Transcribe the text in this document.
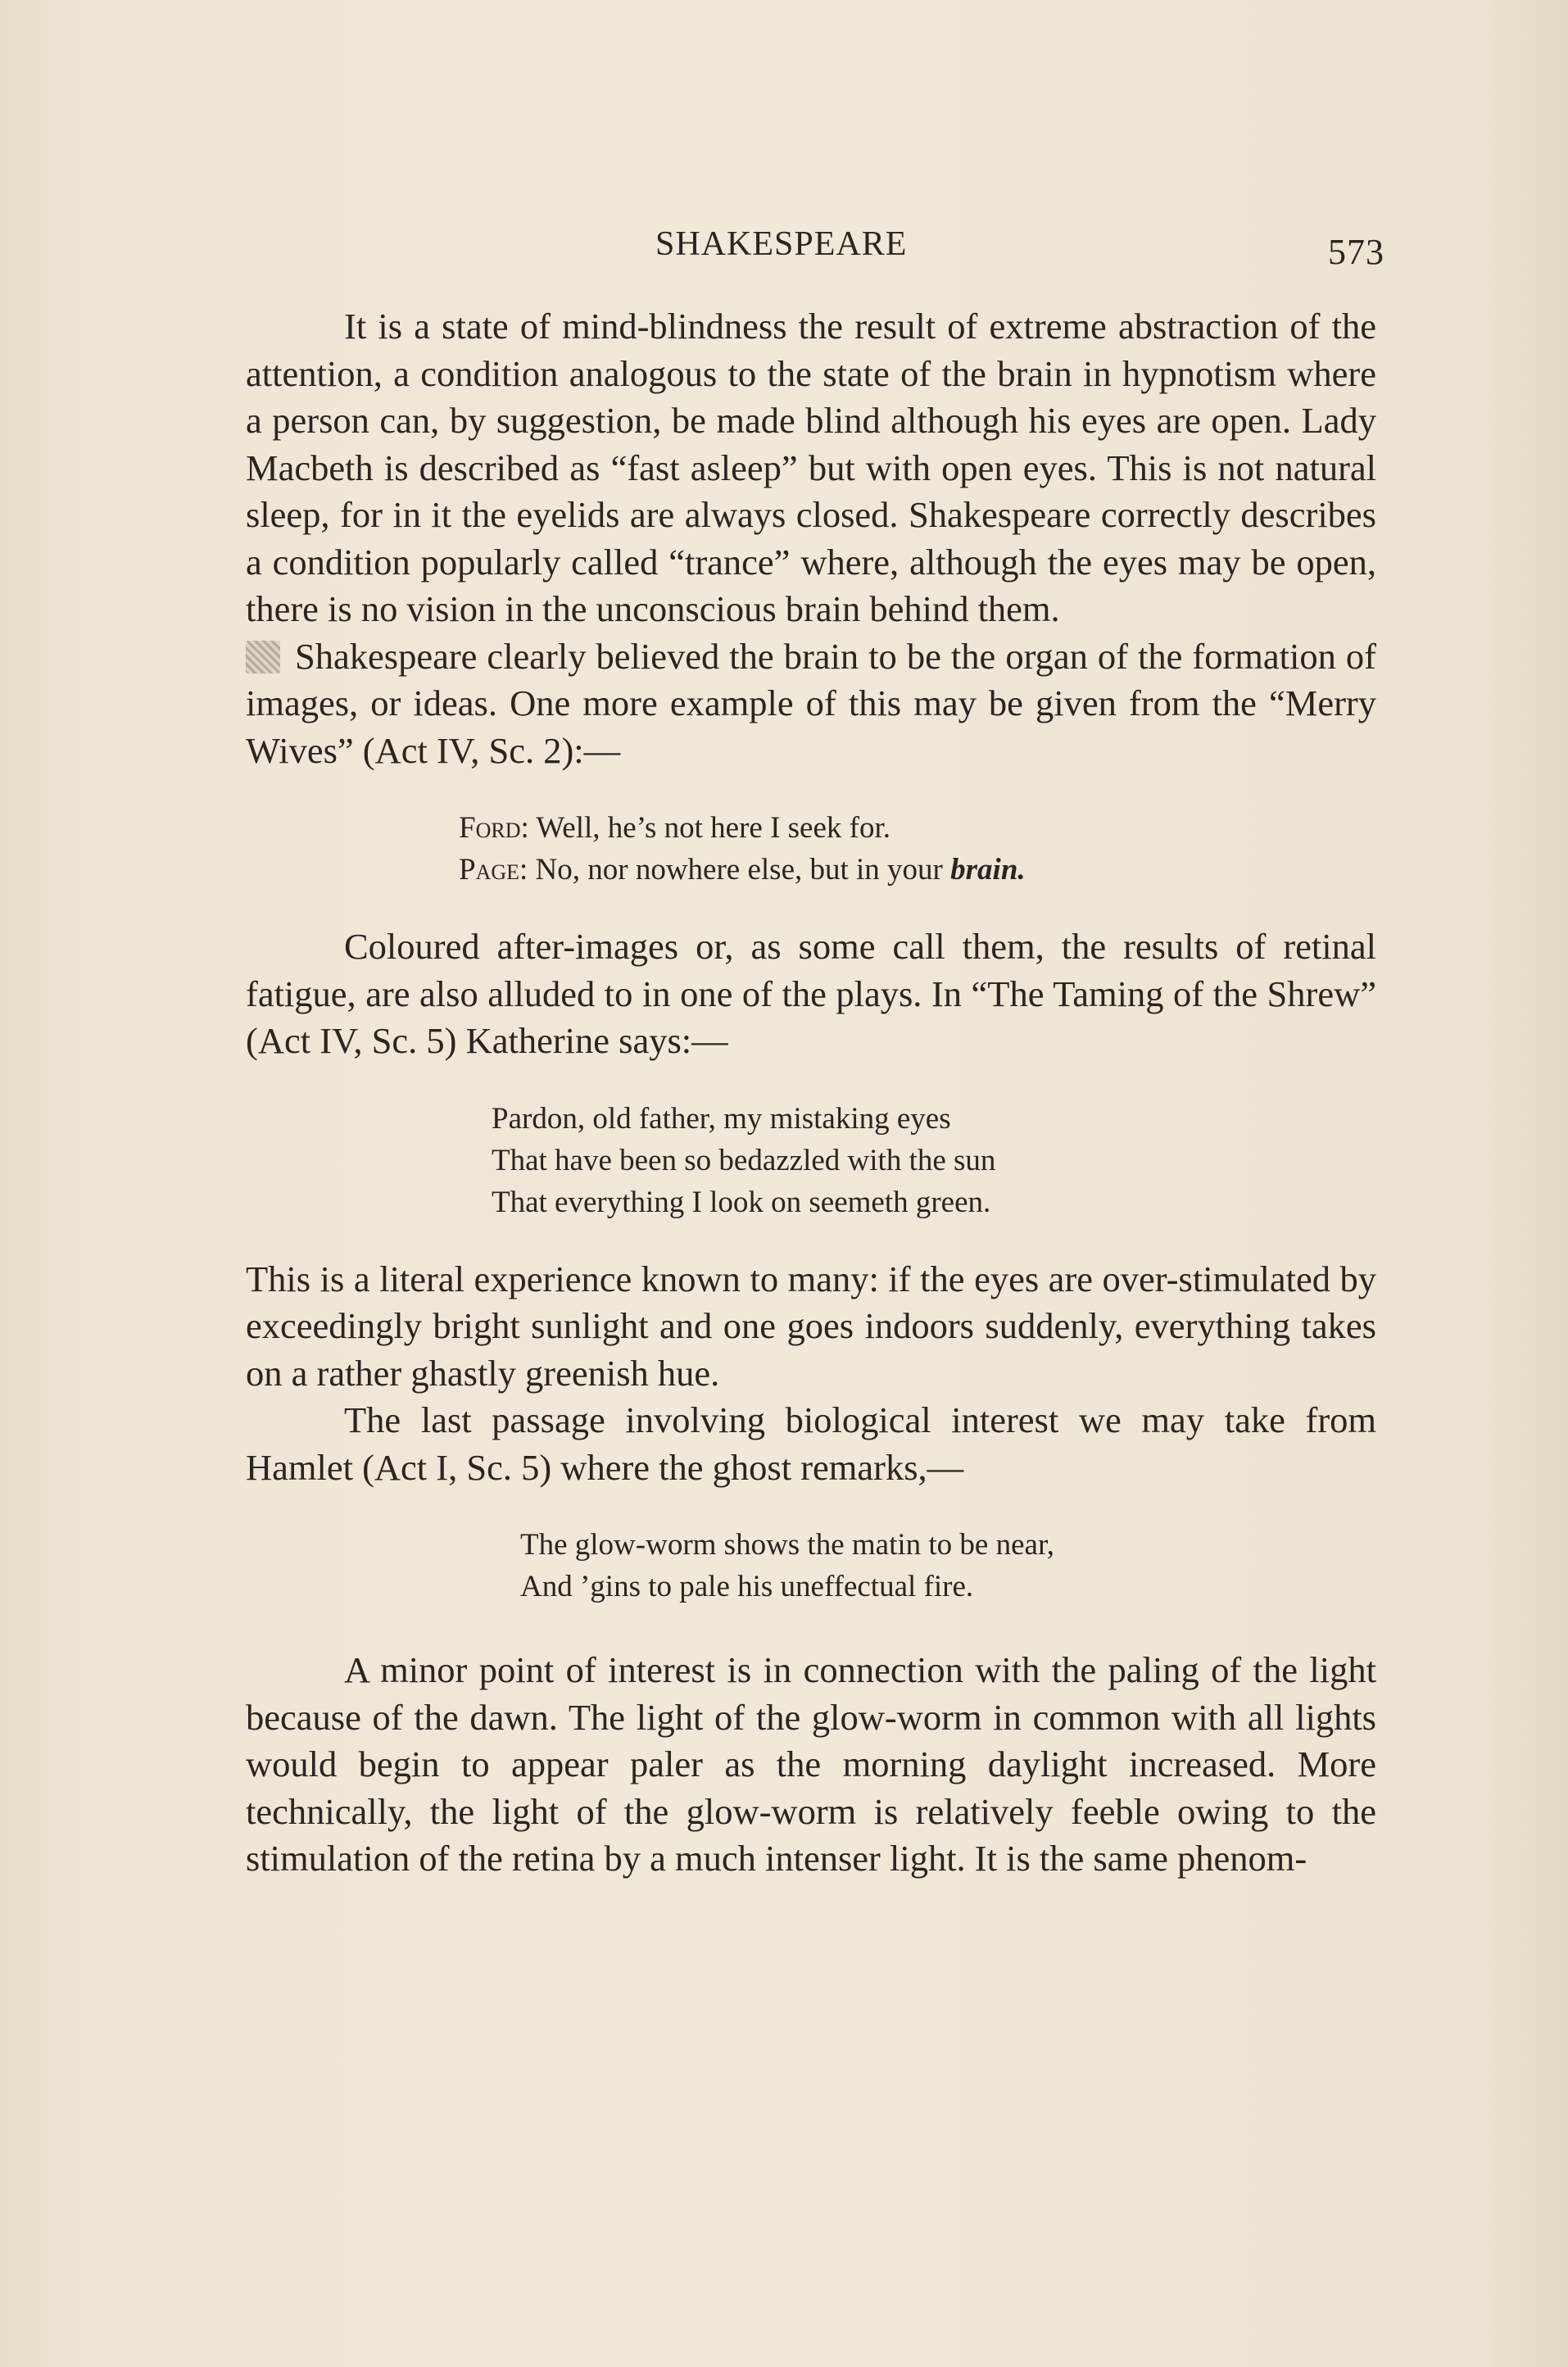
SHAKESPEARE	573

It is a state of mind-blindness the result of extreme abstraction of the attention, a condition analogous to the state of the brain in hypnotism where a person can, by suggestion, be made blind although his eyes are open. Lady Macbeth is described as “fast asleep” but with open eyes. This is not natural sleep, for in it the eyelids are always closed. Shakespeare correctly describes a condition popularly called “trance” where, although the eyes may be open, there is no vision in the unconscious brain behind them.

Shakespeare clearly believed the brain to be the organ of the formation of images, or ideas. One more example of this may be given from the “Merry Wives” (Act IV, Sc. 2):—

Ford: Well, he’s not here I seek for.
Page: No, nor nowhere else, but in your brain.

Coloured after-images or, as some call them, the results of retinal fatigue, are also alluded to in one of the plays. In “The Taming of the Shrew” (Act IV, Sc. 5) Katherine says:—

Pardon, old father, my mistaking eyes
That have been so bedazzled with the sun
That everything I look on seemeth green.

This is a literal experience known to many: if the eyes are over-stimulated by exceedingly bright sunlight and one goes indoors suddenly, everything takes on a rather ghastly greenish hue.

The last passage involving biological interest we may take from Hamlet (Act I, Sc. 5) where the ghost remarks,—

The glow-worm shows the matin to be near,
And ’gins to pale his uneffectual fire.

A minor point of interest is in connection with the paling of the light because of the dawn. The light of the glow-worm in common with all lights would begin to appear paler as the morning daylight increased. More technically, the light of the glow-worm is relatively feeble owing to the stimulation of the retina by a much intenser light. It is the same phenom-
